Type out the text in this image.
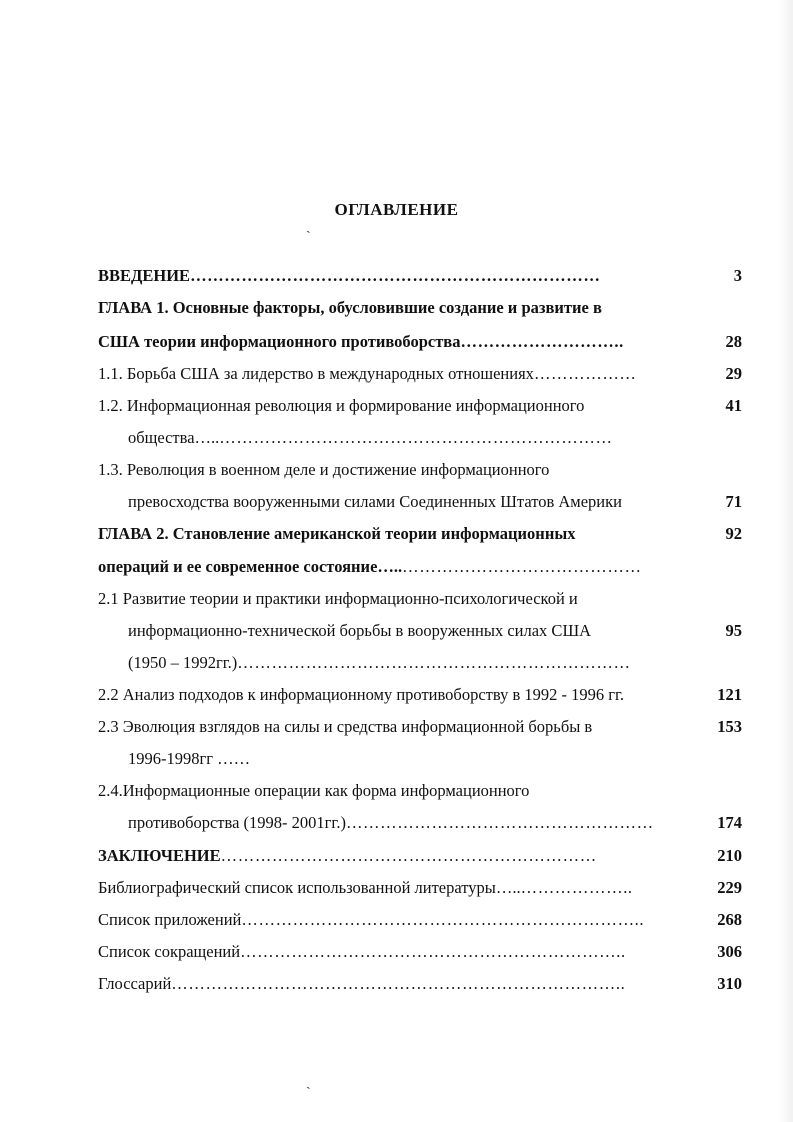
ОГЛАВЛЕНИЕ
ВВЕДЕНИЕ………………………………………………………………	3
ГЛАВА 1. Основные факторы, обусловившие создание и развитие в
США теории информационного противоборства………………………..	28
1.1. Борьба США за лидерство в международных отношениях………………	29
1.2. Информационная революция и формирование информационного	41
общества…..……………………………………………………………
1.3. Революция в военном деле и достижение информационного
превосходства вооруженными силами Соединенных Штатов Америки	71
ГЛАВА 2. Становление американской теории информационных	92
операций и ее современное состояние…..……………………………………
2.1 Развитие теории и практики информационно-психологической и
информационно-технической борьбы в вооруженных силах США	95
(1950 – 1992гг.)……………………………………………………………
2.2 Анализ подходов к информационному противоборству в 1992 - 1996 гг.	121
2.3 Эволюция взглядов на силы и средства информационной борьбы в	153
1996-1998гг ……
2.4.Информационные операции как форма информационного
противоборства (1998- 2001гг.)………………………………………………	174
ЗАКЛЮЧЕНИЕ…………………………………………………………	210
Библиографический список использованной литературы…..………………..	229
Список приложений……………………………………………………………..	268
Список сокращений…………………………………………………………..	306
Глоссарий……………………………………………………………………..	310
ˎ
ˎ
